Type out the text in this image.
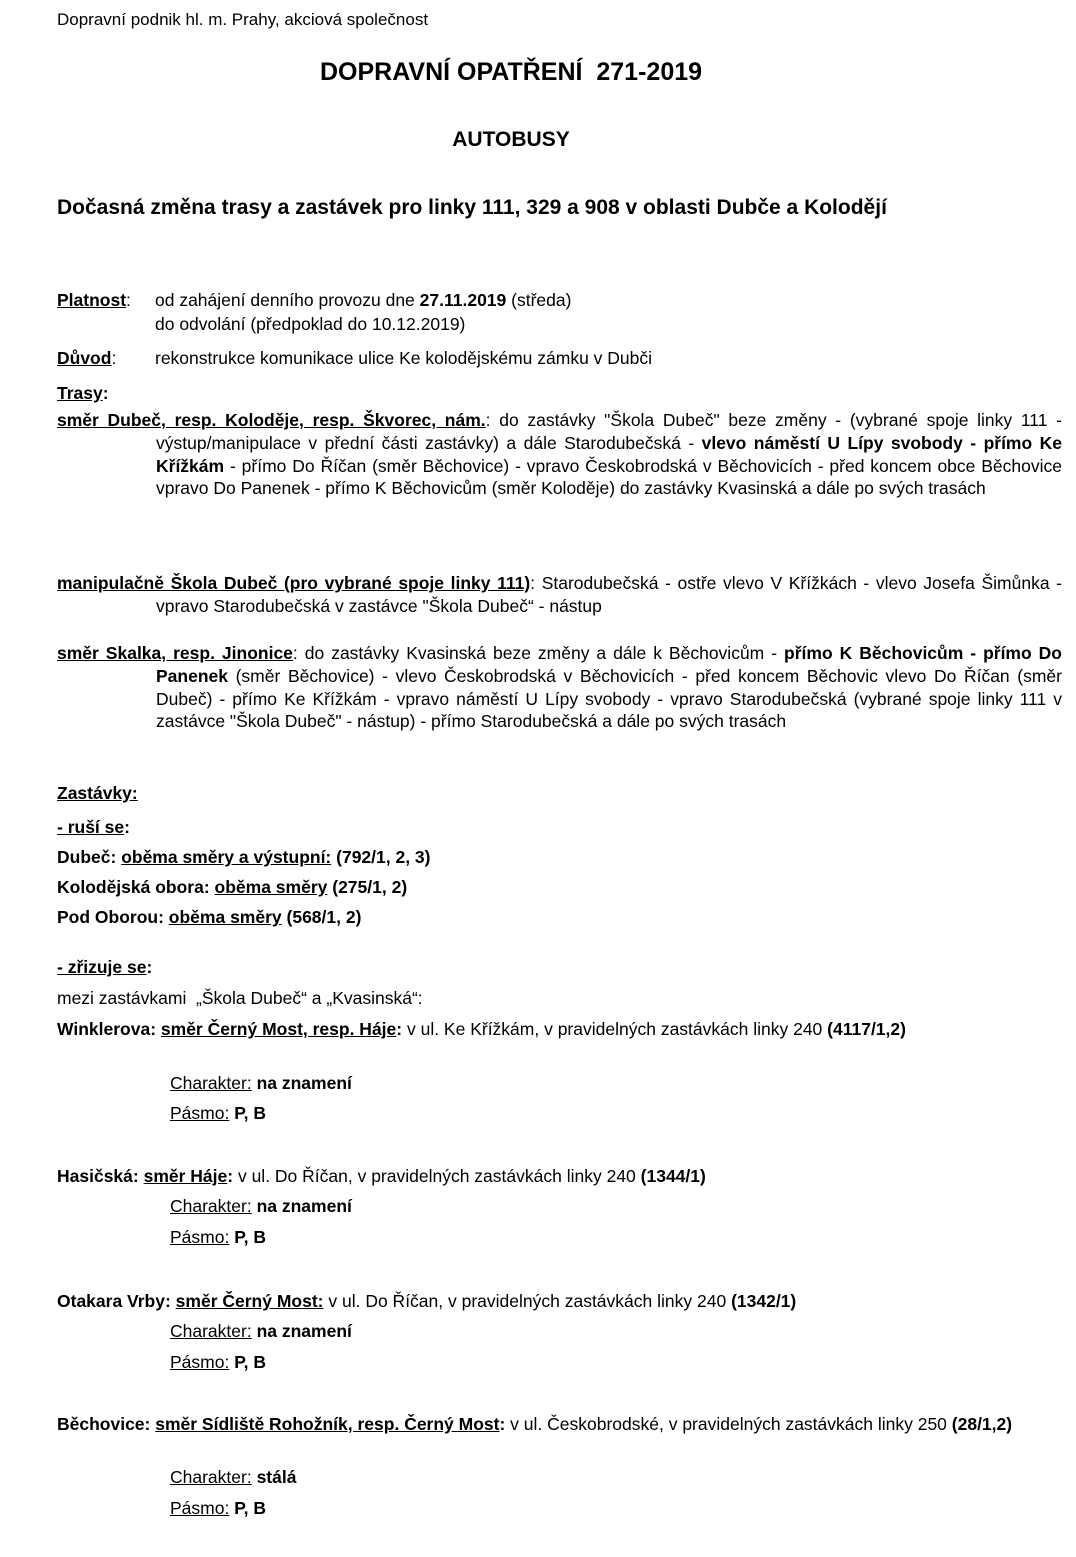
Dopravní podnik hl. m. Prahy, akciová společnost
DOPRAVNÍ OPATŘENÍ  271-2019
AUTOBUSY
Dočasná změna trasy a zastávek pro linky 111, 329 a 908 v oblasti Dubče a Kolodějí
Platnost: od zahájení denního provozu dne 27.11.2019 (středa)
do odvolání (předpoklad do 10.12.2019)
Důvod: rekonstrukce komunikace ulice Ke kolodějskému zámku v Dubči
Trasy:
směr Dubeč, resp. Koloděje, resp. Škvorec, nám.: do zastávky "Škola Dubeč" beze změny - (vybrané spoje linky 111 - výstup/manipulace v přední části zastávky) a dále Starodubečská - vlevo náměstí U Lípy svobody - přímo Ke Křížkám - přímo Do Říčan (směr Běchovice) - vpravo Českobrodská v Běchovicích - před koncem obce Běchovice vpravo Do Panenek - přímo K Běchovicům (směr Koloděje) do zastávky Kvasinská a dále po svých trasách
manipulačně Škola Dubeč (pro vybrané spoje linky 111): Starodubečská - ostře vlevo V Křížkách - vlevo Josefa Šimůnka - vpravo Starodubečská v zastávce "Škola Dubeč“ - nástup
směr Skalka, resp. Jinonice: do zastávky Kvasinská beze změny a dále k Běchovicům - přímo K Běchovicům - přímo Do Panenek (směr Běchovice) - vlevo Českobrodská v Běchovicích - před koncem Běchovic vlevo Do Říčan (směr Dubeč) - přímo Ke Křížkám - vpravo náměstí U Lípy svobody - vpravo Starodubečská (vybrané spoje linky 111 v zastávce "Škola Dubeč" - nástup) - přímo Starodubečská a dále po svých trasách
Zastávky:
- ruší se:
Dubeč: oběma směry a výstupní: (792/1, 2, 3)
Kolodějská obora: oběma směry (275/1, 2)
Pod Oborou: oběma směry (568/1, 2)
- zřizuje se:
mezi zastávkami  „Škola Dubeč“ a „Kvasinská“:
Winklerova: směr Černý Most, resp. Háje: v ul. Ke Křížkám, v pravidelných zastávkách linky 240 (4117/1,2)
Charakter: na znamení
Pásmo: P, B
Hasičská: směr Háje: v ul. Do Říčan, v pravidelných zastávkách linky 240 (1344/1)
Charakter: na znamení
Pásmo: P, B
Otakara Vrby: směr Černý Most: v ul. Do Říčan, v pravidelných zastávkách linky 240 (1342/1)
Charakter: na znamení
Pásmo: P, B
Běchovice: směr Sídliště Rohožník, resp. Černý Most: v ul. Českobrodské, v pravidelných zastávkách linky 250 (28/1,2)
Charakter: stálá
Pásmo: P, B
